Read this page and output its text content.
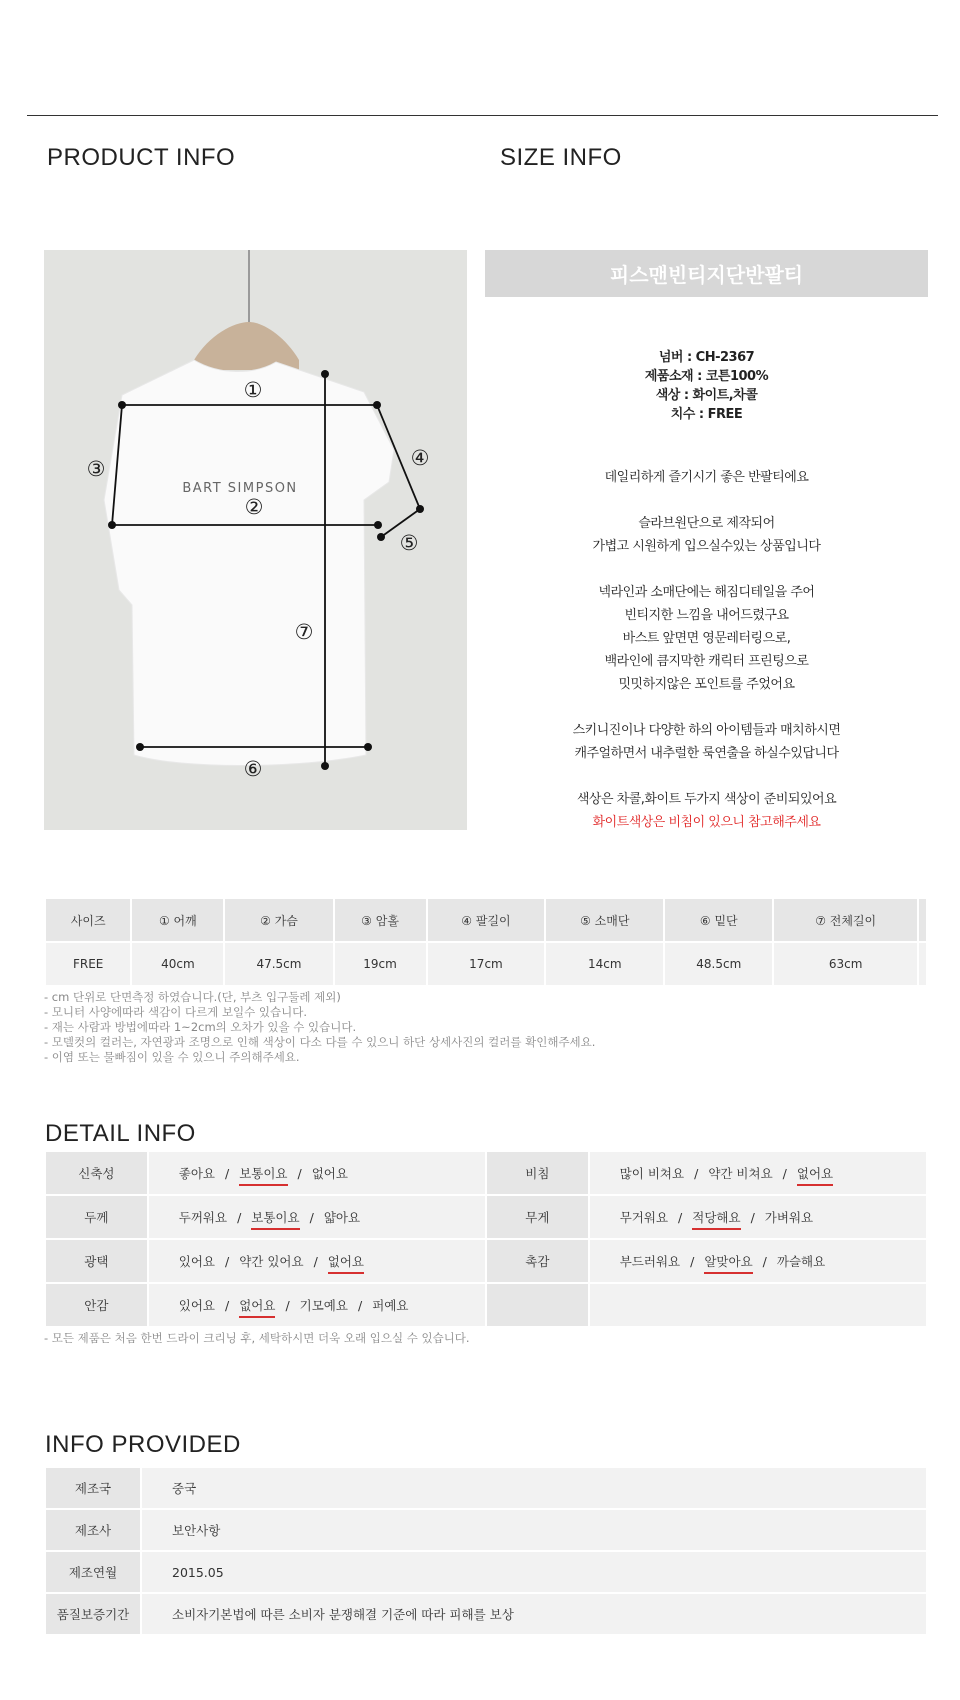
PRODUCT INFO	SIZE INFO
BART SIMPSON
①
②
③	④
⑤
⑥
⑦
피스맨빈티지단반팔티
넘버 : CH-2367
제품소재 : 코튼100%
색상 : 화이트,차콜
치수 : FREE

데일리하게 즐기시기 좋은 반팔티에요

슬라브원단으로 제작되어

가볍고 시원하게 입으실수있는 상품입니다

넥라인과 소매단에는 해짐디테일을 주어

빈티지한 느낌을 내어드렸구요

바스트 앞면면 영문레터링으로,

백라인에 큼지막한 캐릭터 프린팅으로

밋밋하지않은 포인트를 주었어요

스키니진이나 다양한 하의 아이템들과 매치하시면

캐주얼하면서 내추럴한 룩연출을 하실수있답니다

색상은 차콜,화이트 두가지 색상이 준비되있어요

화이트색상은 비침이 있으니 참고해주세요

사이즈	① 어깨	② 가슴	③ 암홀	④ 팔길이	⑤ 소매단	⑥ 밑단	⑦ 전체길이	
FREE	40cm	47.5cm	19cm	17cm	14cm	48.5cm	63cm	
- cm 단위로 단면측정 하였습니다.(단, 부츠 입구둘레 제외)
- 모니터 사양에따라 색감이 다르게 보일수 있습니다.
- 재는 사람과 방법에따라 1~2cm의 오차가 있을 수 있습니다.
- 모델컷의 컬러는, 자연광과 조명으로 인해 색상이 다소 다를 수 있으니 하단 상세사진의 컬러를 확인해주세요.
- 이염 또는 물빠짐이 있을 수 있으니 주의해주세요.
DETAIL INFO
신축성	좋아요 / 보통이요 / 없어요	비침	많이 비쳐요 / 약간 비쳐요 / 없어요
두께	두꺼워요 / 보통이요 / 얇아요	무게	무거워요 / 적당해요 / 가벼워요
광택	있어요 / 약간 있어요 / 없어요	촉감	부드러워요 / 알맞아요 / 까슬해요
안감	있어요 / 없어요 / 기모예요 / 퍼예요		
- 모든 제품은 처음 한번 드라이 크리닝 후, 세탁하시면 더욱 오래 입으실 수 있습니다.
INFO PROVIDED
제조국	중국
제조사	보안사항
제조연월	2015.05
품질보증기간	소비자기본법에 따른 소비자 분쟁해결 기준에 따라 피해를 보상
